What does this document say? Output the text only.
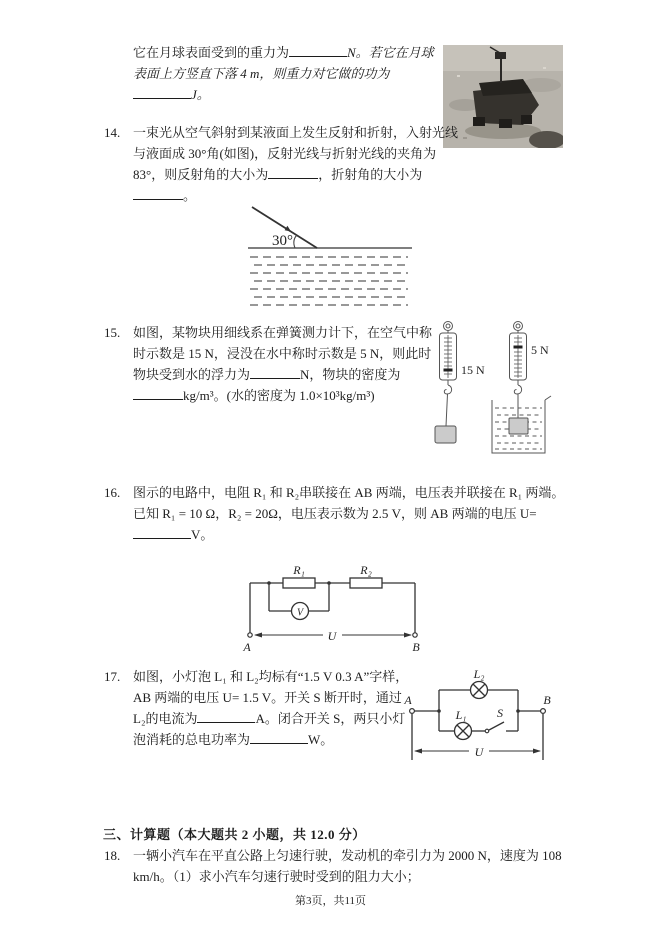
它在月球表面受到的重力为	N。若它在月球表面上方竖直下落 4 m，则重力对它做的功为J。
14. 一束光从空气斜射到某液面上发生反射和折射，入射光线与液面成 30°角(如图)，反射光线与折射光线的夹角为 83°，则反射角的大小为	，折射角的大小为。
30°
15. 如图，某物块用细线系在弹簧测力计下，在空气中称时示数是 15 N，浸没在水中称时示数是 5 N，则此时物块受到水的浮力为	N，物块的密度为kg/m³。(水的密度为 1.0×10³kg/m³)
15 N
5 N
16. 图示的电路中，电阻 R₁ 和 R₂串联接在 AB 两端，电压表并联接在 R₁ 两端。已知 R₁ = 10 Ω，R₂ = 20Ω，电压表示数为 2.5 V，则 AB 两端的电压 U=V。
R₁	R₂
V
U
A	B
17. 如图，小灯泡 L₁ 和 L₂均标有“1.5 V 0.3 A”字样，AB 两端的电压 U= 1.5 V。开关 S 断开时，通过 L₂的电流为	A。闭合开关 S，两只小灯泡消耗的总电功率为	W。
L₂
L₁	S
A	B
U
三、计算题（本大题共 2 小题，共 12.0 分）
18. 一辆小汽车在平直公路上匀速行驶，发动机的牵引力为 2000 N，速度为 108 km/h。（1）求小汽车匀速行驶时受到的阻力大小；
第3页，共11页
